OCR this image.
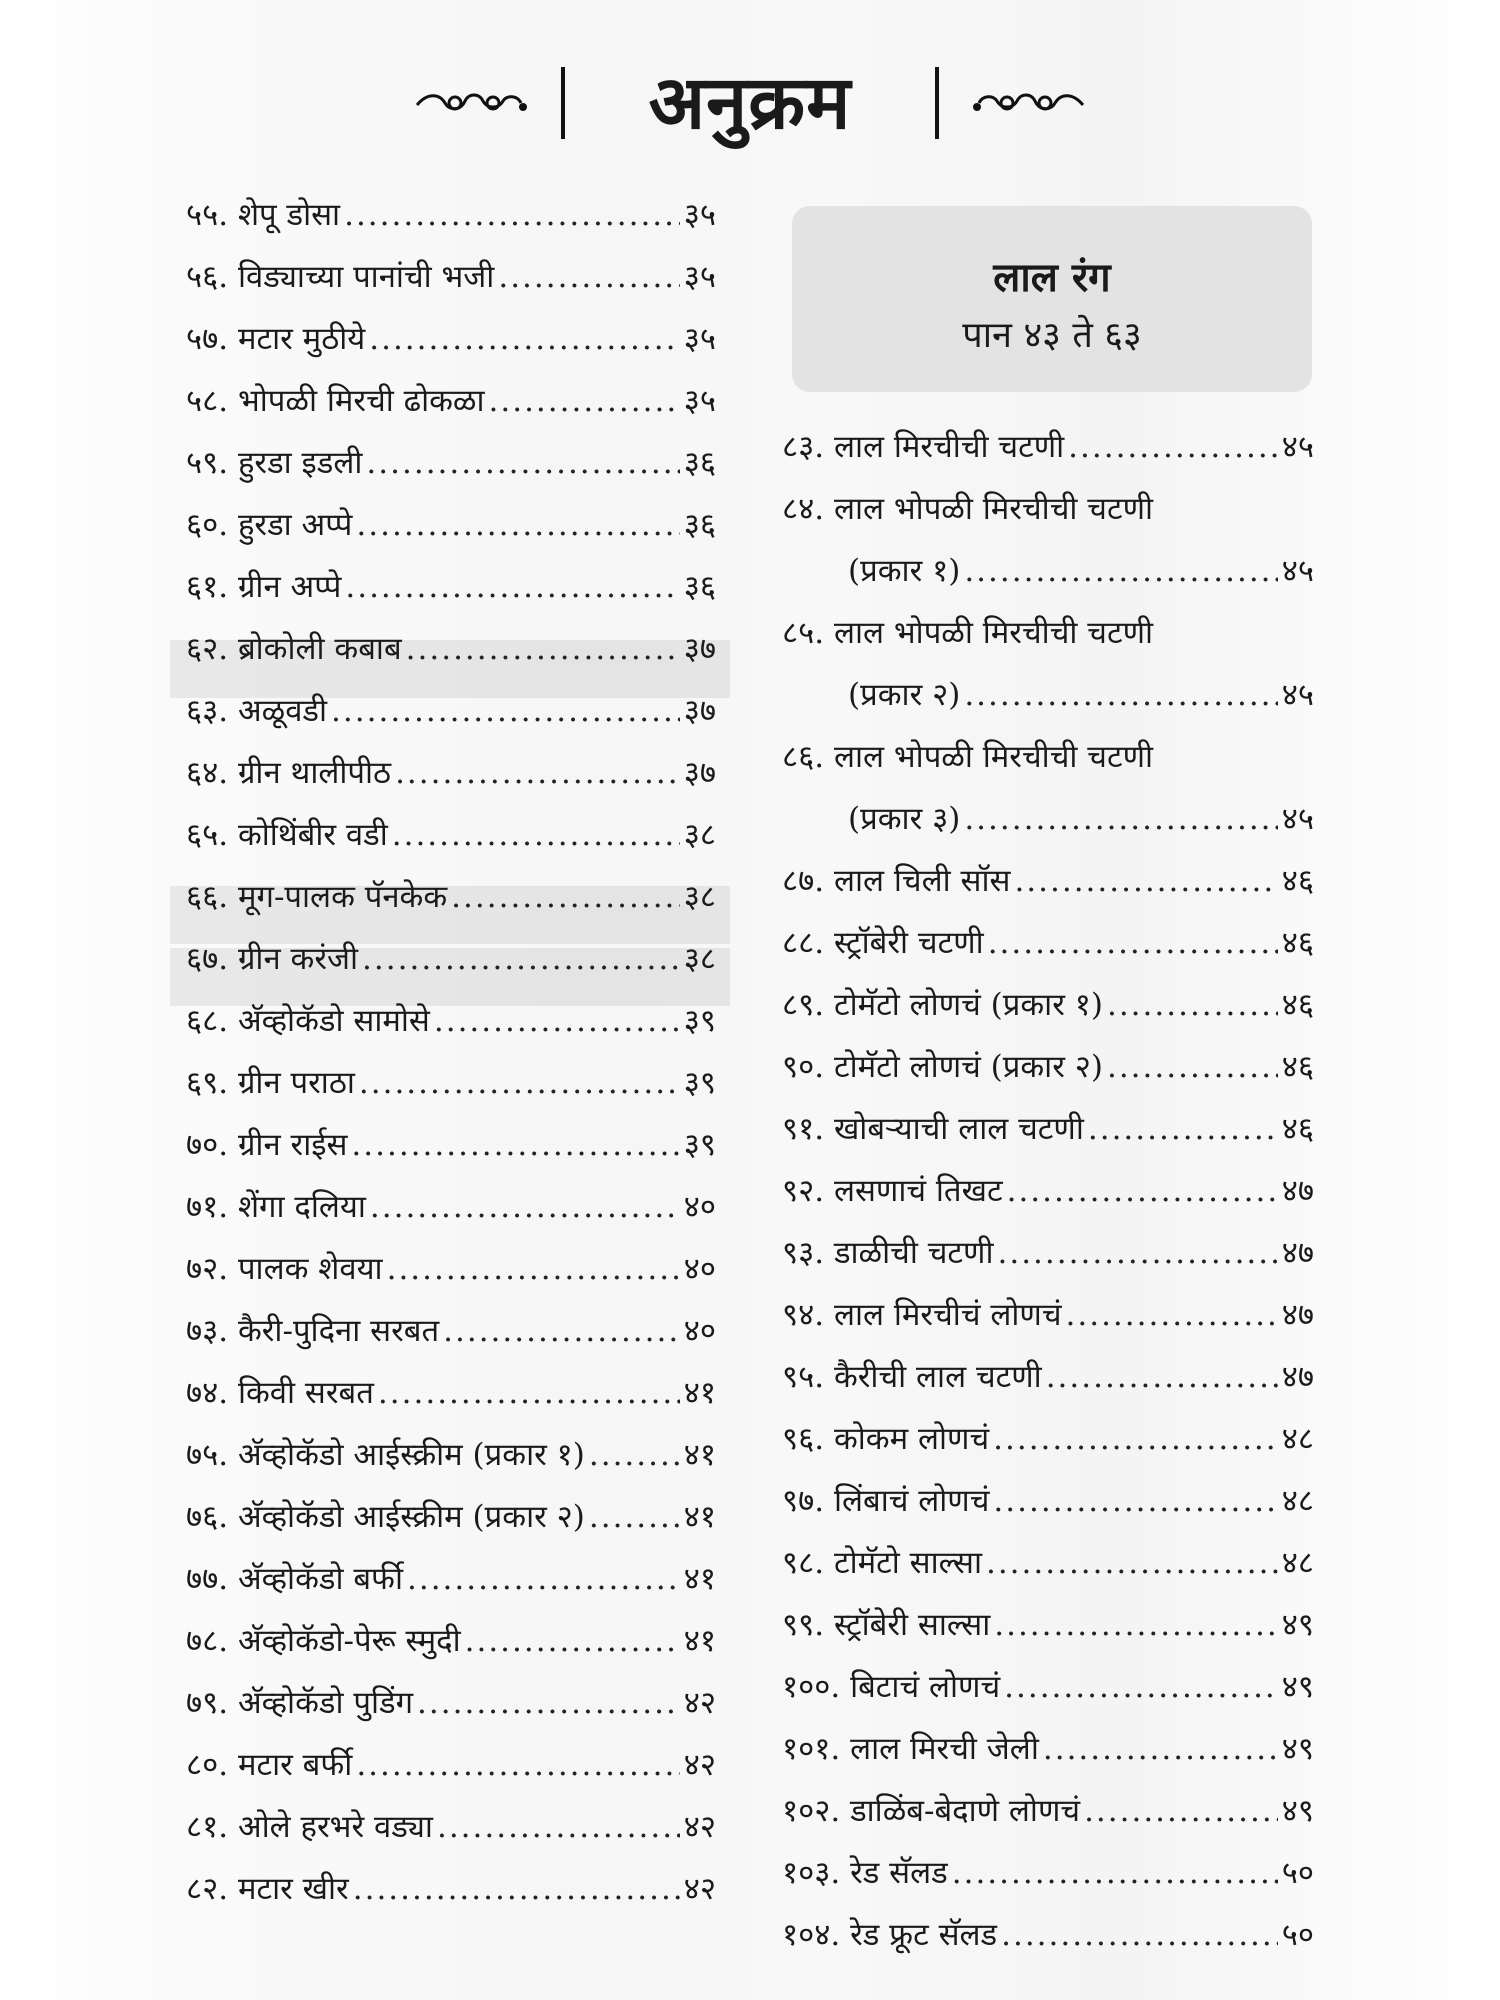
अनुक्रम
लाल रंग
पान ४३ ते ६३
५५. शेपू डोसा .....	३५
५६. विड्याच्या पानांची भजी .....	३५
५७. मटार मुठीये .....	३५
५८. भोपळी मिरची ढोकळा .....	३५
५९. हुरडा इडली .....	३६
६०. हुरडा अप्पे .....	३६
६१. ग्रीन अप्पे .....	३६
६२. ब्रोकोली कबाब .....	३७
६३. अळूवडी .....	३७
६४. ग्रीन थालीपीठ .....	३७
६५. कोथिंबीर वडी .....	३८
६६. मूग-पालक पॅनकेक .....	३८
६७. ग्रीन करंजी .....	३८
६८. अ‍ॅव्होकॅडो सामोसे .....	३९
६९. ग्रीन पराठा .....	३९
७०. ग्रीन राईस .....	३९
७१. शेंगा दलिया .....	४०
७२. पालक शेवया .....	४०
७३. कैरी-पुदिना सरबत .....	४०
७४. किवी सरबत .....	४१
७५. अ‍ॅव्होकॅडो आईस्क्रीम (प्रकार १) .....	४१
७६. अ‍ॅव्होकॅडो आईस्क्रीम (प्रकार २) .....	४१
७७. अ‍ॅव्होकॅडो बर्फी .....	४१
७८. अ‍ॅव्होकॅडो-पेरू स्मुदी .....	४१
७९. अ‍ॅव्होकॅडो पुडिंग .....	४२
८०. मटार बर्फी .....	४२
८१. ओले हरभरे वड्या .....	४२
८२. मटार खीर .....	४२
८३. लाल मिरचीची चटणी .....	४५
८४. लाल भोपळी मिरचीची चटणी
(प्रकार १) .....	४५
८५. लाल भोपळी मिरचीची चटणी
(प्रकार २) .....	४५
८६. लाल भोपळी मिरचीची चटणी
(प्रकार ३) .....	४५
८७. लाल चिली सॉस .....	४६
८८. स्ट्रॉबेरी चटणी .....	४६
८९. टोमॅटो लोणचं (प्रकार १) .....	४६
९०. टोमॅटो लोणचं (प्रकार २) .....	४६
९१. खोबऱ्याची लाल चटणी .....	४६
९२. लसणाचं तिखट .....	४७
९३. डाळीची चटणी .....	४७
९४. लाल मिरचीचं लोणचं .....	४७
९५. कैरीची लाल चटणी .....	४७
९६. कोकम लोणचं .....	४८
९७. लिंबाचं लोणचं .....	४८
९८. टोमॅटो साल्सा .....	४८
९९. स्ट्रॉबेरी साल्सा .....	४९
१००. बिटाचं लोणचं .....	४९
१०१. लाल मिरची जेली .....	४९
१०२. डाळिंब-बेदाणे लोणचं .....	४९
१०३. रेड सॅलड .....	५०
१०४. रेड फ्रूट सॅलड .....	५०
